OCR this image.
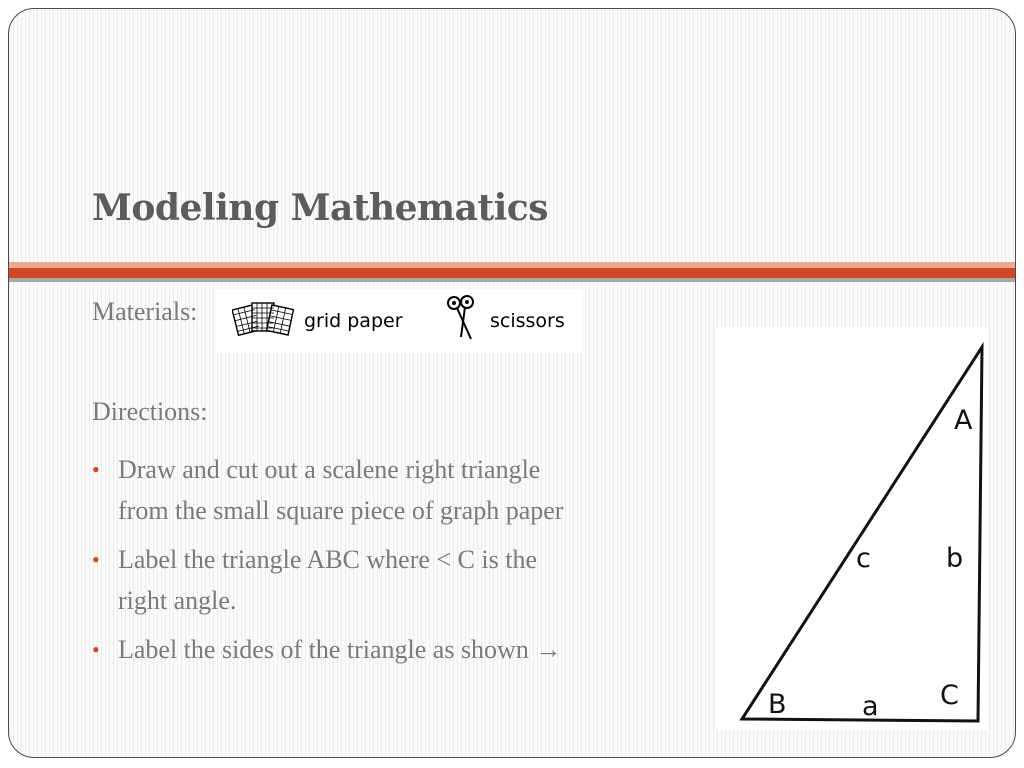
Modeling Mathematics
Materials:	grid paper	scissors
Directions:
• Draw and cut out a scalene right triangle
from the small square piece of graph paper
• Label the triangle ABC where < C is the
right angle.
• Label the sides of the triangle as shown →
A
B	C
a
b
c
